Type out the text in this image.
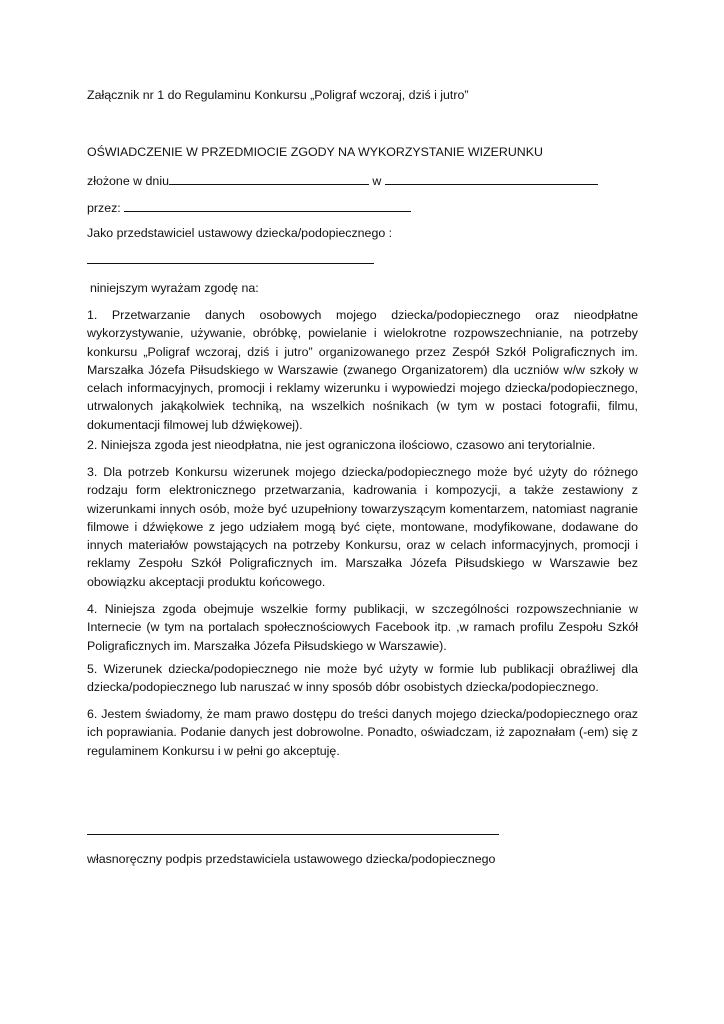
Załącznik nr 1 do Regulaminu Konkursu „Poligraf wczoraj, dziś i jutro”
OŚWIADCZENIE W PRZEDMIOCIE ZGODY NA WYKORZYSTANIE WIZERUNKU
złożone w dniu	w
przez:
Jako przedstawiciel ustawowy dziecka/podopiecznego :
niniejszym wyrażam zgodę na:
1. Przetwarzanie danych osobowych mojego dziecka/podopiecznego oraz nieodpłatne wykorzystywanie, używanie, obróbkę, powielanie i wielokrotne rozpowszechnianie, na potrzeby konkursu „Poligraf wczoraj, dziś i jutro” organizowanego przez Zespół Szkół Poligraficznych im. Marszałka Józefa Piłsudskiego w Warszawie (zwanego Organizatorem) dla uczniów w/w szkoły w celach informacyjnych, promocji i reklamy wizerunku i wypowiedzi mojego dziecka/podopiecznego, utrwalonych jakąkolwiek techniką, na wszelkich nośnikach (w tym w postaci fotografii, filmu, dokumentacji filmowej lub dźwiękowej).
2. Niniejsza zgoda jest nieodpłatna, nie jest ograniczona ilościowo, czasowo ani terytorialnie.
3. Dla potrzeb Konkursu wizerunek mojego dziecka/podopiecznego może być użyty do różnego rodzaju form elektronicznego przetwarzania, kadrowania i kompozycji, a także zestawiony z wizerunkami innych osób, może być uzupełniony towarzyszącym komentarzem, natomiast nagranie filmowe i dźwiękowe z jego udziałem mogą być cięte, montowane, modyfikowane, dodawane do innych materiałów powstających na potrzeby Konkursu, oraz w celach informacyjnych, promocji i reklamy Zespołu Szkół Poligraficznych im. Marszałka Józefa Piłsudskiego w Warszawie bez obowiązku akceptacji produktu końcowego.
4. Niniejsza zgoda obejmuje wszelkie formy publikacji, w szczególności rozpowszechnianie w Internecie (w tym na portalach społecznościowych Facebook itp. ,w ramach profilu Zespołu Szkół Poligraficznych im. Marszałka Józefa Piłsudskiego w Warszawie).
5. Wizerunek dziecka/podopiecznego nie może być użyty w formie lub publikacji obraźliwej dla dziecka/podopiecznego lub naruszać w inny sposób dóbr osobistych dziecka/podopiecznego.
6. Jestem świadomy, że mam prawo dostępu do treści danych mojego dziecka/podopiecznego oraz ich poprawiania. Podanie danych jest dobrowolne. Ponadto, oświadczam, iż zapoznałam (-em) się z regulaminem Konkursu i w pełni go akceptuję.
własnoręczny podpis przedstawiciela ustawowego dziecka/podopiecznego
